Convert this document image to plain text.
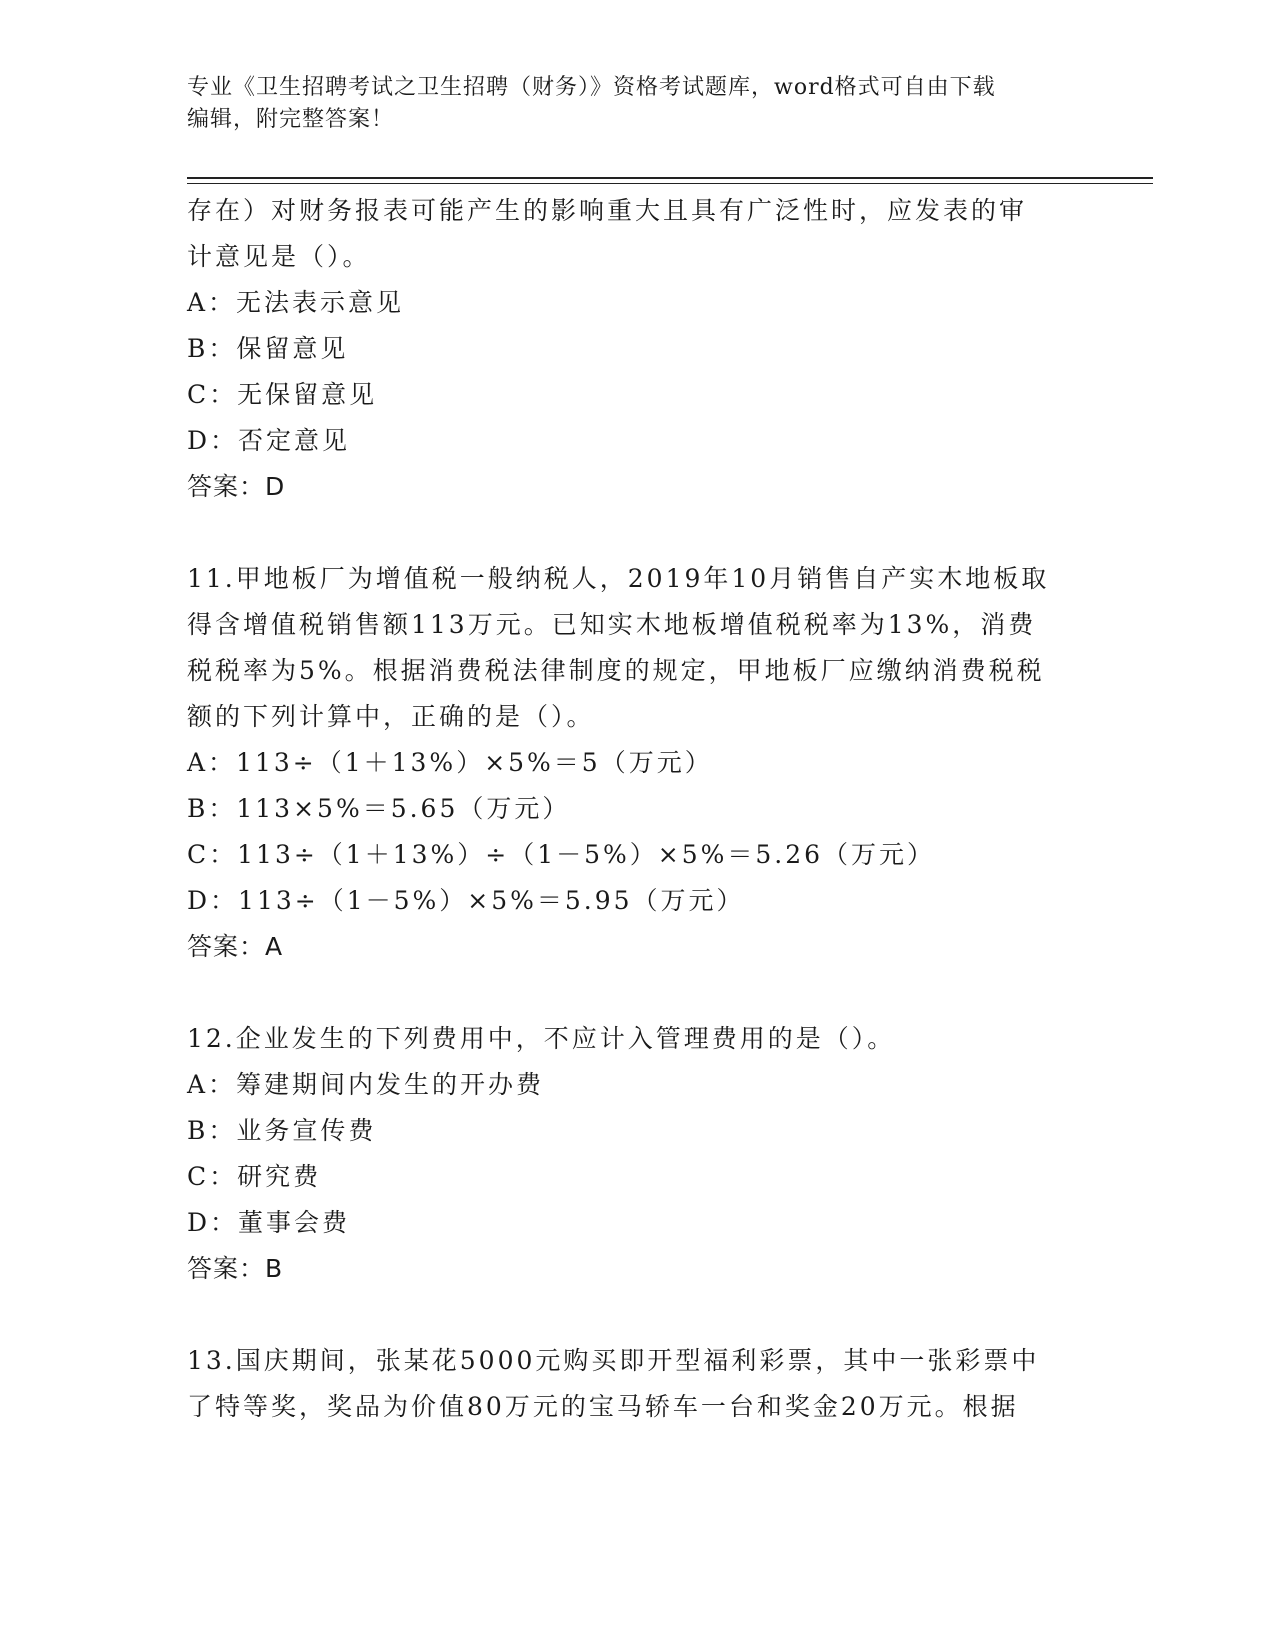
专业《卫生招聘考试之卫生招聘（财务）》资格考试题库，word格式可自由下载
编辑，附完整答案！
存在）对财务报表可能产生的影响重大且具有广泛性时，应发表的审
计意见是（）。
A：无法表示意见
B：保留意见
C：无保留意见
D：否定意见
答案：D
11.甲地板厂为增值税一般纳税人，2019年10月销售自产实木地板取
得含增值税销售额113万元。已知实木地板增值税税率为13%，消费
税税率为5%。根据消费税法律制度的规定，甲地板厂应缴纳消费税税
额的下列计算中，正确的是（）。
A：113÷（1＋13%）×5%＝5（万元）
B：113×5%＝5.65（万元）
C：113÷（1＋13%）÷（1－5%）×5%＝5.26（万元）
D：113÷（1－5%）×5%＝5.95（万元）
答案：A
12.企业发生的下列费用中，不应计入管理费用的是（）。
A：筹建期间内发生的开办费
B：业务宣传费
C：研究费
D：董事会费
答案：B
13.国庆期间，张某花5000元购买即开型福利彩票，其中一张彩票中
了特等奖，奖品为价值80万元的宝马轿车一台和奖金20万元。根据
